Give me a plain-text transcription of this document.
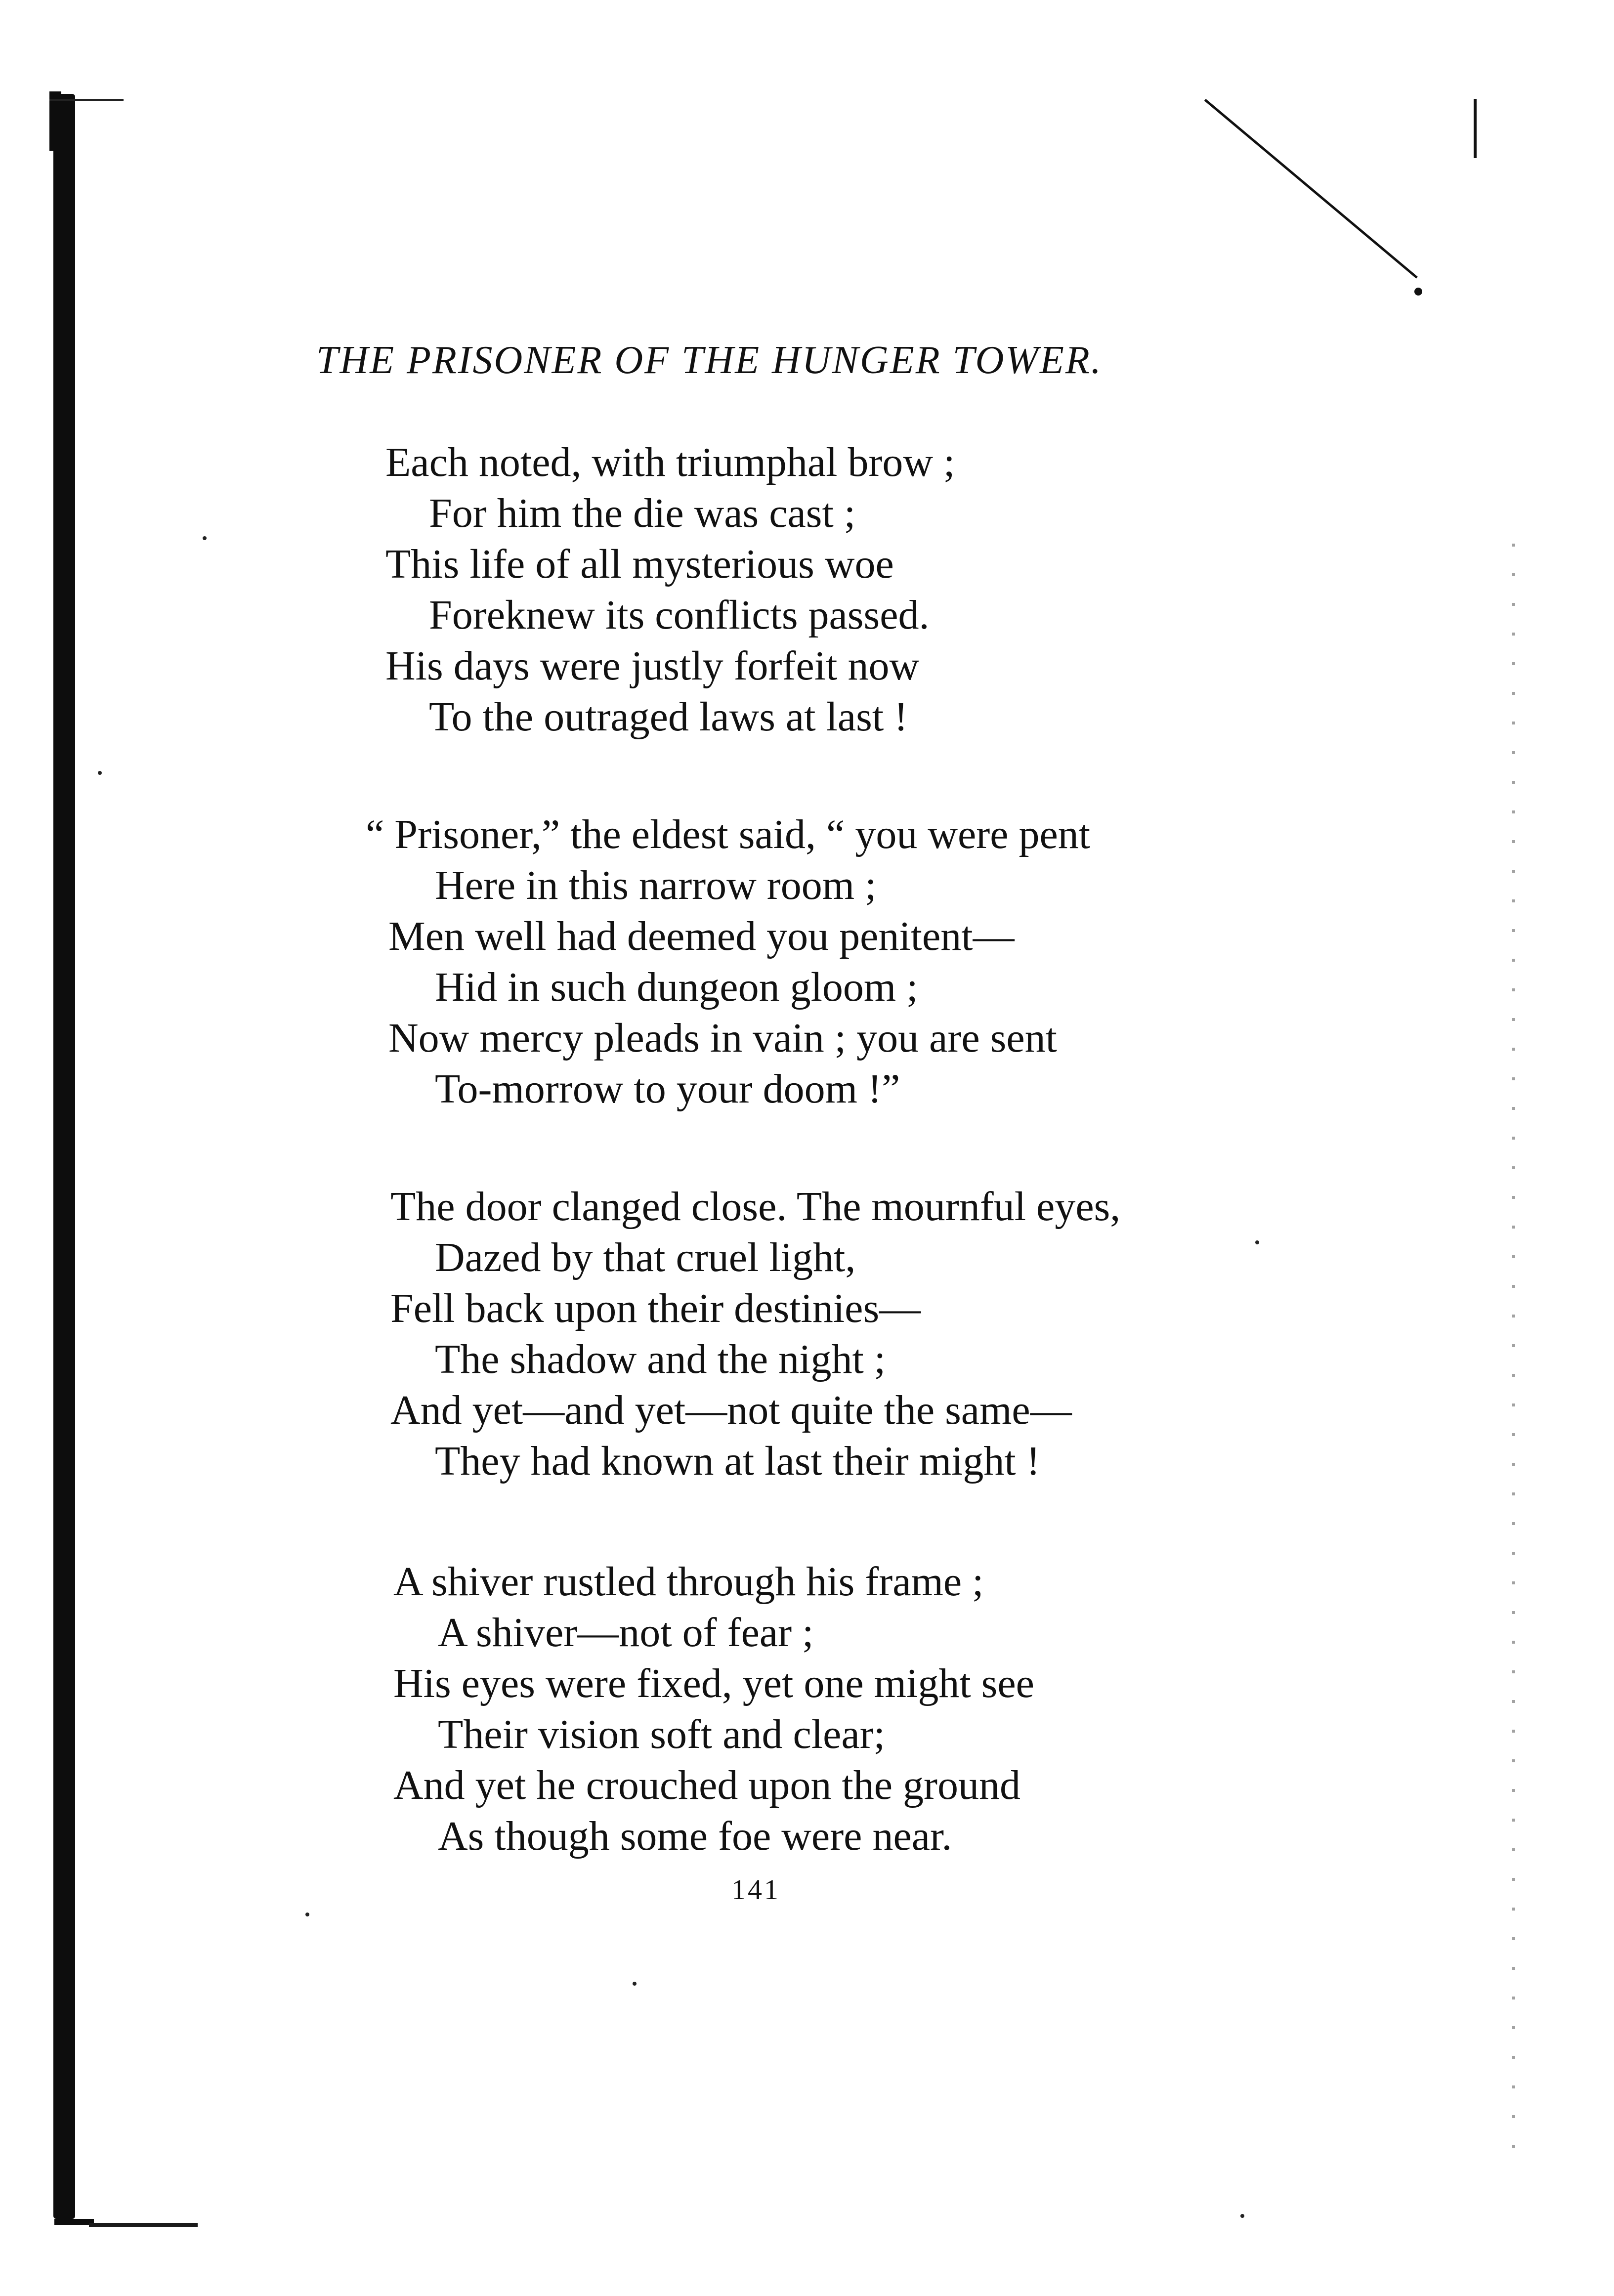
THE PRISONER OF THE HUNGER TOWER.
Each noted, with triumphal brow ;
For him the die was cast ;
This life of all mysterious woe
Foreknew its conflicts passed.
His days were justly forfeit now
To the outraged laws at last !
“ Prisoner,” the eldest said, “ you were pent
Here in this narrow room ;
Men well had deemed you penitent—
Hid in such dungeon gloom ;
Now mercy pleads in vain ; you are sent
To-morrow to your doom !”
The door clanged close. The mournful eyes,
Dazed by that cruel light,
Fell back upon their destinies—
The shadow and the night ;
And yet—and yet—not quite the same—
They had known at last their might !
A shiver rustled through his frame ;
A shiver—not of fear ;
His eyes were fixed, yet one might see
Their vision soft and clear;
And yet he crouched upon the ground
As though some foe were near.
141
